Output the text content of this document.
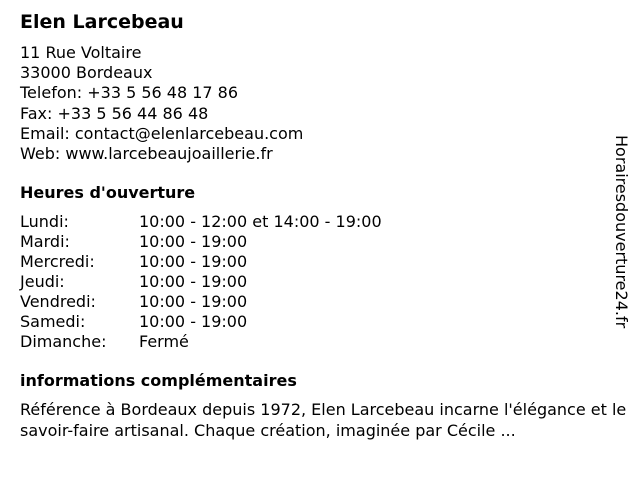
Elen Larcebeau
11 Rue Voltaire
33000 Bordeaux
Telefon: +33 5 56 48 17 86
Fax: +33 5 56 44 86 48
Email: contact@elenlarcebeau.com
Web: www.larcebeaujoaillerie.fr
Heures d'ouverture
Lundi:	10:00 - 12:00 et 14:00 - 19:00
Mardi:	10:00 - 19:00
Mercredi:	10:00 - 19:00
Jeudi:	10:00 - 19:00
Vendredi:	10:00 - 19:00
Samedi:	10:00 - 19:00
Dimanche: Fermé
informations complémentaires
Référence à Bordeaux depuis 1972, Elen Larcebeau incarne l'élégance et le savoir-faire artisanal. Chaque création, imaginée par Cécile ...
Horairesdouverture24.fr
